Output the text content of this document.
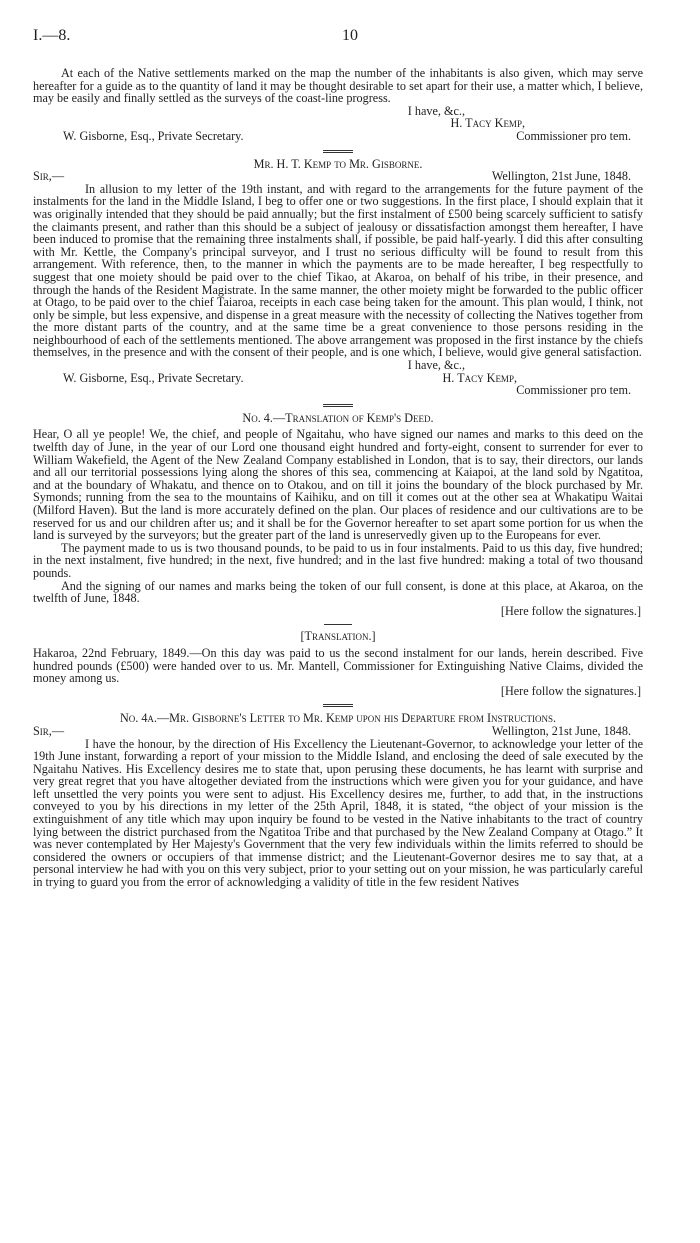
I.—8.	10

At each of the Native settlements marked on the map the number of the inhabitants is also given, which may serve hereafter for a guide as to the quantity of land it may be thought desirable to set apart for their use, a matter which, I believe, may be easily and finally settled as the surveys of the coast-line progress.

I have, &c.,
H. Tacy Kemp,
W. Gisborne, Esq., Private Secretary.	Commissioner pro tem.
Mr. H. T. Kemp to Mr. Gisborne.
Sir,—	Wellington, 21st June, 1848.

In allusion to my letter of the 19th instant, and with regard to the arrangements for the future payment of the instalments for the land in the Middle Island, I beg to offer one or two suggestions. In the first place, I should explain that it was originally intended that they should be paid annually; but the first instalment of £500 being scarcely sufficient to satisfy the claimants present, and rather than this should be a subject of jealousy or dissatisfaction amongst them hereafter, I have been induced to promise that the remaining three instalments shall, if possible, be paid half-yearly. I did this after consulting with Mr. Kettle, the Company's principal surveyor, and I trust no serious difficulty will be found to result from this arrangement. With reference, then, to the manner in which the payments are to be made hereafter, I beg respectfully to suggest that one moiety should be paid over to the chief Tikao, at Akaroa, on behalf of his tribe, in their presence, and through the hands of the Resident Magistrate. In the same manner, the other moiety might be forwarded to the public officer at Otago, to be paid over to the chief Taiaroa, receipts in each case being taken for the amount. This plan would, I think, not only be simple, but less expensive, and dispense in a great measure with the necessity of collecting the Natives together from the more distant parts of the country, and at the same time be a great convenience to those persons residing in the neighbourhood of each of the settlements mentioned. The above arrangement was proposed in the first instance by the chiefs themselves, in the presence and with the consent of their people, and is one which, I believe, would give general satisfaction.

I have, &c.,
W. Gisborne, Esq., Private Secretary.	H. Tacy Kemp,
Commissioner pro tem.
No. 4.—Translation of Kemp's Deed.

Hear, O all ye people! We, the chief, and people of Ngaitahu, who have signed our names and marks to this deed on the twelfth day of June, in the year of our Lord one thousand eight hundred and forty-eight, consent to surrender for ever to William Wakefield, the Agent of the New Zealand Company established in London, that is to say, their directors, our lands and all our territorial possessions lying along the shores of this sea, commencing at Kaiapoi, at the land sold by Ngatitoa, and at the boundary of Whakatu, and thence on to Otakou, and on till it joins the boundary of the block purchased by Mr. Symonds; running from the sea to the mountains of Kaihiku, and on till it comes out at the other sea at Whakatipu Waitai (Milford Haven). But the land is more accurately defined on the plan. Our places of residence and our cultivations are to be reserved for us and our children after us; and it shall be for the Governor hereafter to set apart some portion for us when the land is surveyed by the surveyors; but the greater part of the land is unreservedly given up to the Europeans for ever.

The payment made to us is two thousand pounds, to be paid to us in four instalments. Paid to us this day, five hundred; in the next instalment, five hundred; in the next, five hundred; and in the last five hundred: making a total of two thousand pounds.

And the signing of our names and marks being the token of our full consent, is done at this place, at Akaroa, on the twelfth of June, 1848.

[Here follow the signatures.]
[Translation.]

Hakaroa, 22nd February, 1849.—On this day was paid to us the second instalment for our lands, herein described. Five hundred pounds (£500) were handed over to us. Mr. Mantell, Commissioner for Extinguishing Native Claims, divided the money among us.

[Here follow the signatures.]
No. 4a.—Mr. Gisborne's Letter to Mr. Kemp upon his Departure from Instructions.
Sir,—	Wellington, 21st June, 1848.

I have the honour, by the direction of His Excellency the Lieutenant-Governor, to acknowledge your letter of the 19th June instant, forwarding a report of your mission to the Middle Island, and enclosing the deed of sale executed by the Ngaitahu Natives. His Excellency desires me to state that, upon perusing these documents, he has learnt with surprise and very great regret that you have altogether deviated from the instructions which were given you for your guidance, and have left unsettled the very points you were sent to adjust. His Excellency desires me, further, to add that, in the instructions conveyed to you by his directions in my letter of the 25th April, 1848, it is stated, “the object of your mission is the extinguishment of any title which may upon inquiry be found to be vested in the Native inhabitants to the tract of country lying between the district purchased from the Ngatitoa Tribe and that purchased by the New Zealand Company at Otago.” It was never contemplated by Her Majesty's Government that the very few individuals within the limits referred to should be considered the owners or occupiers of that immense district; and the Lieutenant-Governor desires me to say that, at a personal interview he had with you on this very subject, prior to your setting out on your mission, he was particularly careful in trying to guard you from the error of acknowledging a validity of title in the few resident Natives
